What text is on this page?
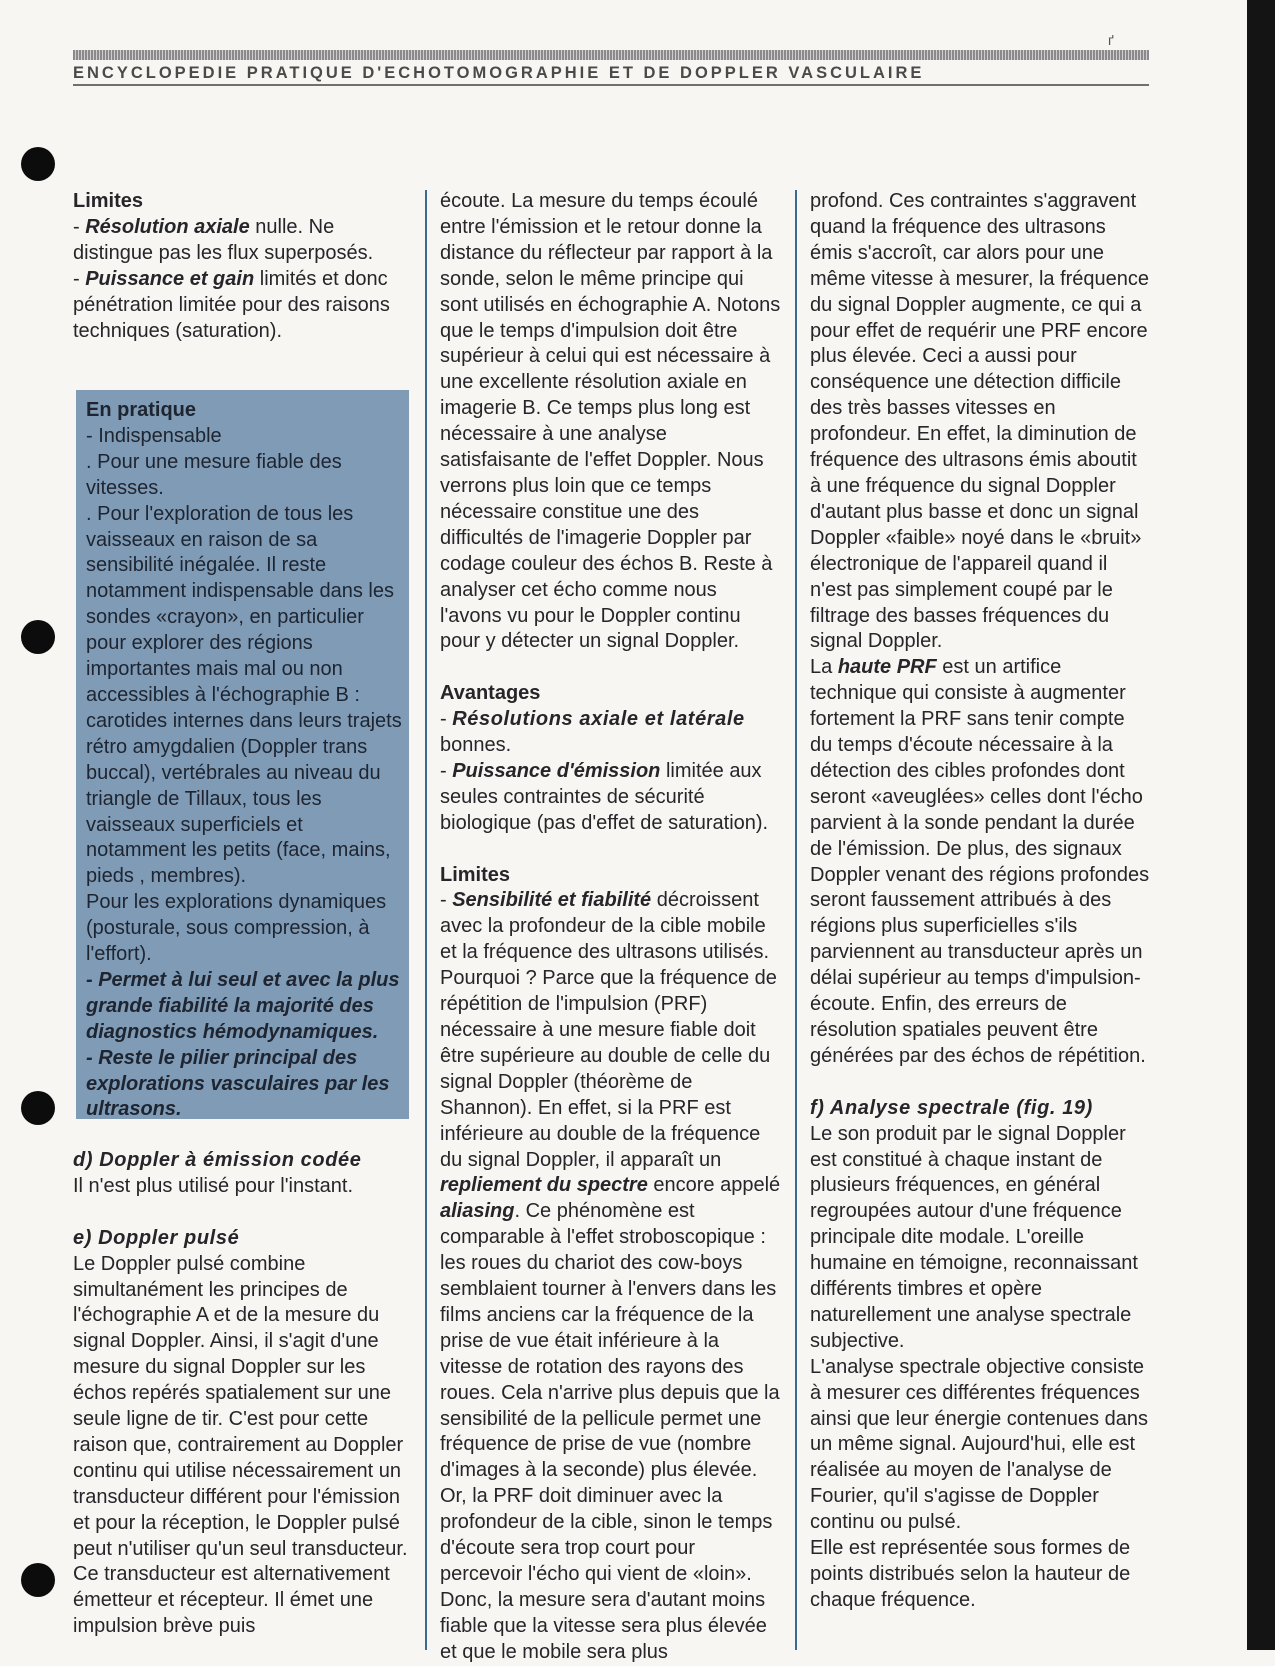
ґ
ENCYCLOPEDIE PRATIQUE D'ECHOTOMOGRAPHIE ET DE DOPPLER VASCULAIRE

Limites

- Résolution axiale nulle. Ne distingue pas les flux superposés.

- Puissance et gain limités et donc pénétration limitée pour des raisons techniques (saturation).

En pratique

- Indispensable

. Pour une mesure fiable des vitesses.

. Pour l'exploration de tous les vaisseaux en raison de sa sensibilité inégalée. Il reste notamment indispensable dans les sondes «crayon», en particulier pour explorer des régions importantes mais mal ou non accessibles à l'échographie B : carotides internes dans leurs trajets rétro amygdalien (Doppler trans buccal), vertébrales au niveau du triangle de Tillaux, tous les vaisseaux superficiels et notamment les petits (face, mains, pieds , membres).

Pour les explorations dynamiques (posturale, sous compression, à l'effort).

- Permet à lui seul et avec la plus grande fiabilité la majorité des diagnostics hémodynamiques.

- Reste le pilier principal des explorations vasculaires par les ultrasons.

d) Doppler à émission codée

Il n'est plus utilisé pour l'instant.

e) Doppler pulsé

Le Doppler pulsé combine simultanément les principes de l'échographie A et de la mesure du signal Doppler. Ainsi, il s'agit d'une mesure du signal Doppler sur les échos repérés spatialement sur une seule ligne de tir. C'est pour cette raison que, contrairement au Doppler continu qui utilise nécessairement un transducteur différent pour l'émission et pour la réception, le Doppler pulsé peut n'utiliser qu'un seul transducteur. Ce transducteur est alternativement émetteur et récepteur. Il émet une impulsion brève puis

écoute. La mesure du temps écoulé entre l'émission et le retour donne la distance du réflecteur par rapport à la sonde, selon le même principe qui sont utilisés en échographie A. Notons que le temps d'impulsion doit être supérieur à celui qui est nécessaire à une excellente résolution axiale en imagerie B. Ce temps plus long est nécessaire à une analyse satisfaisante de l'effet Doppler. Nous verrons plus loin que ce temps nécessaire constitue une des difficultés de l'imagerie Doppler par codage couleur des échos B. Reste à analyser cet écho comme nous l'avons vu pour le Doppler continu pour y détecter un signal Doppler.

Avantages

- Résolutions axiale et latérale bonnes.

- Puissance d'émission limitée aux seules contraintes de sécurité biologique (pas d'effet de saturation).

Limites

- Sensibilité et fiabilité décroissent avec la profondeur de la cible mobile et la fréquence des ultrasons utilisés. Pourquoi ? Parce que la fréquence de répétition de l'impulsion (PRF) nécessaire à une mesure fiable doit être supérieure au double de celle du signal Doppler (théorème de Shannon). En effet, si la PRF est inférieure au double de la fréquence du signal Doppler, il apparaît un repliement du spectre encore appelé aliasing. Ce phénomène est comparable à l'effet stroboscopique : les roues du chariot des cow-boys semblaient tourner à l'envers dans les films anciens car la fréquence de la prise de vue était inférieure à la vitesse de rotation des rayons des roues. Cela n'arrive plus depuis que la sensibilité de la pellicule permet une fréquence de prise de vue (nombre d'images à la seconde) plus élevée. Or, la PRF doit diminuer avec la profondeur de la cible, sinon le temps d'écoute sera trop court pour percevoir l'écho qui vient de «loin». Donc, la mesure sera d'autant moins fiable que la vitesse sera plus élevée et que le mobile sera plus

profond. Ces contraintes s'aggravent quand la fréquence des ultrasons émis s'accroît, car alors pour une même vitesse à mesurer, la fréquence du signal Doppler augmente, ce qui a pour effet de requérir une PRF encore plus élevée. Ceci a aussi pour conséquence une détection difficile des très basses vitesses en profondeur. En effet, la diminution de fréquence des ultrasons émis aboutit à une fréquence du signal Doppler d'autant plus basse et donc un signal Doppler «faible» noyé dans le «bruit» électronique de l'appareil quand il n'est pas simplement coupé par le filtrage des basses fréquences du signal Doppler.

La haute PRF est un artifice technique qui consiste à augmenter fortement la PRF sans tenir compte du temps d'écoute nécessaire à la détection des cibles profondes dont seront «aveuglées» celles dont l'écho parvient à la sonde pendant la durée de l'émission. De plus, des signaux Doppler venant des régions profondes seront faussement attribués à des régions plus superficielles s'ils parviennent au transducteur après un délai supérieur au temps d'impulsion-écoute. Enfin, des erreurs de résolution spatiales peuvent être générées par des échos de répétition.

f) Analyse spectrale (fig. 19)

Le son produit par le signal Doppler est constitué à chaque instant de plusieurs fréquences, en général regroupées autour d'une fréquence principale dite modale. L'oreille humaine en témoigne, reconnaissant différents timbres et opère naturellement une analyse spectrale subjective.

L'analyse spectrale objective consiste à mesurer ces différentes fréquences ainsi que leur énergie contenues dans un même signal. Aujourd'hui, elle est réalisée au moyen de l'analyse de Fourier, qu'il s'agisse de Doppler continu ou pulsé.

Elle est représentée sous formes de points distribués selon la hauteur de chaque fréquence.
